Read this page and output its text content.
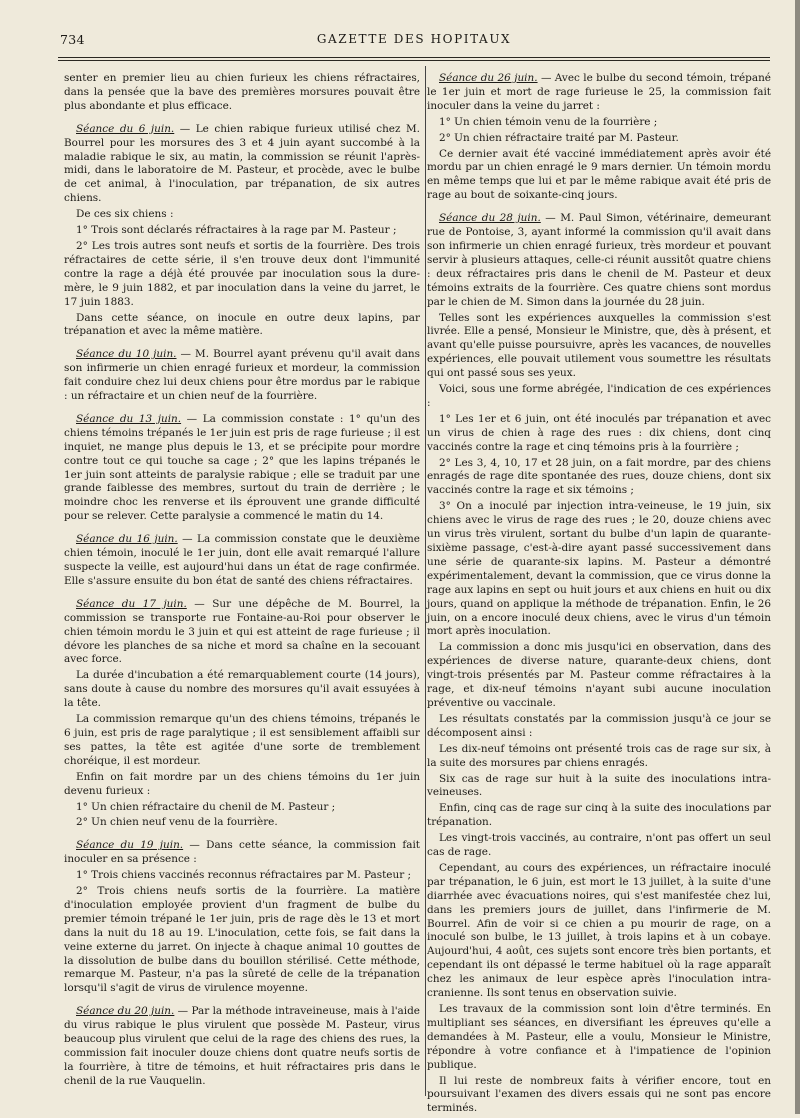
734	GAZETTE DES HOPITAUX

senter en premier lieu au chien furieux les chiens réfractaires, dans la pensée que la bave des premières morsures pouvait être plus abondante et plus efficace.

Séance du 6 juin. — Le chien rabique furieux utilisé chez M. Bourrel pour les morsures des 3 et 4 juin ayant succombé à la maladie rabique le six, au matin, la commission se réunit l'après-midi, dans le laboratoire de M. Pasteur, et procède, avec le bulbe de cet animal, à l'inoculation, par trépanation, de six autres chiens.

De ces six chiens :

1° Trois sont déclarés réfractaires à la rage par M. Pasteur ;

2° Les trois autres sont neufs et sortis de la fourrière. Des trois réfractaires de cette série, il s'en trouve deux dont l'immunité contre la rage a déjà été prouvée par inoculation sous la dure-mère, le 9 juin 1882, et par inoculation dans la veine du jarret, le 17 juin 1883.

Dans cette séance, on inocule en outre deux lapins, par trépanation et avec la même matière.

Séance du 10 juin. — M. Bourrel ayant prévenu qu'il avait dans son infirmerie un chien enragé furieux et mordeur, la commission fait conduire chez lui deux chiens pour être mordus par le rabique : un réfractaire et un chien neuf de la fourrière.

Séance du 13 juin. — La commission constate : 1° qu'un des chiens témoins trépanés le 1er juin est pris de rage furieuse ; il est inquiet, ne mange plus depuis le 13, et se précipite pour mordre contre tout ce qui touche sa cage ; 2° que les lapins trépanés le 1er juin sont atteints de paralysie rabique ; elle se traduit par une grande faiblesse des membres, surtout du train de derrière ; le moindre choc les renverse et ils éprouvent une grande difficulté pour se relever. Cette paralysie a commencé le matin du 14.

Séance du 16 juin. — La commission constate que le deuxième chien témoin, inoculé le 1er juin, dont elle avait remarqué l'allure suspecte la veille, est aujourd'hui dans un état de rage confirmée. Elle s'assure ensuite du bon état de santé des chiens réfractaires.

Séance du 17 juin. — Sur une dépêche de M. Bourrel, la commission se transporte rue Fontaine-au-Roi pour observer le chien témoin mordu le 3 juin et qui est atteint de rage furieuse ; il dévore les planches de sa niche et mord sa chaîne en la secouant avec force.

La durée d'incubation a été remarquablement courte (14 jours), sans doute à cause du nombre des morsures qu'il avait essuyées à la tête.

La commission remarque qu'un des chiens témoins, trépanés le 6 juin, est pris de rage paralytique ; il est sensiblement affaibli sur ses pattes, la tête est agitée d'une sorte de tremblement choréique, il est mordeur.

Enfin on fait mordre par un des chiens témoins du 1er juin devenu furieux :

1° Un chien réfractaire du chenil de M. Pasteur ;

2° Un chien neuf venu de la fourrière.

Séance du 19 juin. — Dans cette séance, la commission fait inoculer en sa présence :

1° Trois chiens vaccinés reconnus réfractaires par M. Pasteur ;

2° Trois chiens neufs sortis de la fourrière. La matière d'inoculation employée provient d'un fragment de bulbe du premier témoin trépané le 1er juin, pris de rage dès le 13 et mort dans la nuit du 18 au 19. L'inoculation, cette fois, se fait dans la veine externe du jarret. On injecte à chaque animal 10 gouttes de la dissolution de bulbe dans du bouillon stérilisé. Cette méthode, remarque M. Pasteur, n'a pas la sûreté de celle de la trépanation lorsqu'il s'agit de virus de virulence moyenne.

Séance du 20 juin. — Par la méthode intraveineuse, mais à l'aide du virus rabique le plus virulent que possède M. Pasteur, virus beaucoup plus virulent que celui de la rage des chiens des rues, la commission fait inoculer douze chiens dont quatre neufs sortis de la fourrière, à titre de témoins, et huit réfractaires pris dans le chenil de la rue Vauquelin.

Séance du 26 juin. — Avec le bulbe du second témoin, trépané le 1er juin et mort de rage furieuse le 25, la commission fait inoculer dans la veine du jarret :

1° Un chien témoin venu de la fourrière ;

2° Un chien réfractaire traité par M. Pasteur.

Ce dernier avait été vacciné immédiatement après avoir été mordu par un chien enragé le 9 mars dernier. Un témoin mordu en même temps que lui et par le même rabique avait été pris de rage au bout de soixante-cinq jours.

Séance du 28 juin. — M. Paul Simon, vétérinaire, demeurant rue de Pontoise, 3, ayant informé la commission qu'il avait dans son infirmerie un chien enragé furieux, très mordeur et pouvant servir à plusieurs attaques, celle-ci réunit aussitôt quatre chiens : deux réfractaires pris dans le chenil de M. Pasteur et deux témoins extraits de la fourrière. Ces quatre chiens sont mordus par le chien de M. Simon dans la journée du 28 juin.

Telles sont les expériences auxquelles la commission s'est livrée. Elle a pensé, Monsieur le Ministre, que, dès à présent, et avant qu'elle puisse poursuivre, après les vacances, de nouvelles expériences, elle pouvait utilement vous soumettre les résultats qui ont passé sous ses yeux.

Voici, sous une forme abrégée, l'indication de ces expériences :

1° Les 1er et 6 juin, ont été inoculés par trépanation et avec un virus de chien à rage des rues : dix chiens, dont cinq vaccinés contre la rage et cinq témoins pris à la fourrière ;

2° Les 3, 4, 10, 17 et 28 juin, on a fait mordre, par des chiens enragés de rage dite spontanée des rues, douze chiens, dont six vaccinés contre la rage et six témoins ;

3° On a inoculé par injection intra-veineuse, le 19 juin, six chiens avec le virus de rage des rues ; le 20, douze chiens avec un virus très virulent, sortant du bulbe d'un lapin de quarante-sixième passage, c'est-à-dire ayant passé successivement dans une série de quarante-six lapins. M. Pasteur a démontré expérimentalement, devant la commission, que ce virus donne la rage aux lapins en sept ou huit jours et aux chiens en huit ou dix jours, quand on applique la méthode de trépanation. Enfin, le 26 juin, on a encore inoculé deux chiens, avec le virus d'un témoin mort après inoculation.

La commission a donc mis jusqu'ici en observation, dans des expériences de diverse nature, quarante-deux chiens, dont vingt-trois présentés par M. Pasteur comme réfractaires à la rage, et dix-neuf témoins n'ayant subi aucune inoculation préventive ou vaccinale.

Les résultats constatés par la commission jusqu'à ce jour se décomposent ainsi :

Les dix-neuf témoins ont présenté trois cas de rage sur six, à la suite des morsures par chiens enragés.

Six cas de rage sur huit à la suite des inoculations intra-veineuses.

Enfin, cinq cas de rage sur cinq à la suite des inoculations par trépanation.

Les vingt-trois vaccinés, au contraire, n'ont pas offert un seul cas de rage.

Cependant, au cours des expériences, un réfractaire inoculé par trépanation, le 6 juin, est mort le 13 juillet, à la suite d'une diarrhée avec évacuations noires, qui s'est manifestée chez lui, dans les premiers jours de juillet, dans l'infirmerie de M. Bourrel. Afin de voir si ce chien a pu mourir de rage, on a inoculé son bulbe, le 13 juillet, à trois lapins et à un cobaye. Aujourd'hui, 4 août, ces sujets sont encore très bien portants, et cependant ils ont dépassé le terme habituel où la rage apparaît chez les animaux de leur espèce après l'inoculation intra-cranienne. Ils sont tenus en observation suivie.

Les travaux de la commission sont loin d'être terminés. En multipliant ses séances, en diversifiant les épreuves qu'elle a demandées à M. Pasteur, elle a voulu, Monsieur le Ministre, répondre à votre confiance et à l'impatience de l'opinion publique.

Il lui reste de nombreux faits à vérifier encore, tout en poursuivant l'examen des divers essais qui ne sont pas encore terminés.
